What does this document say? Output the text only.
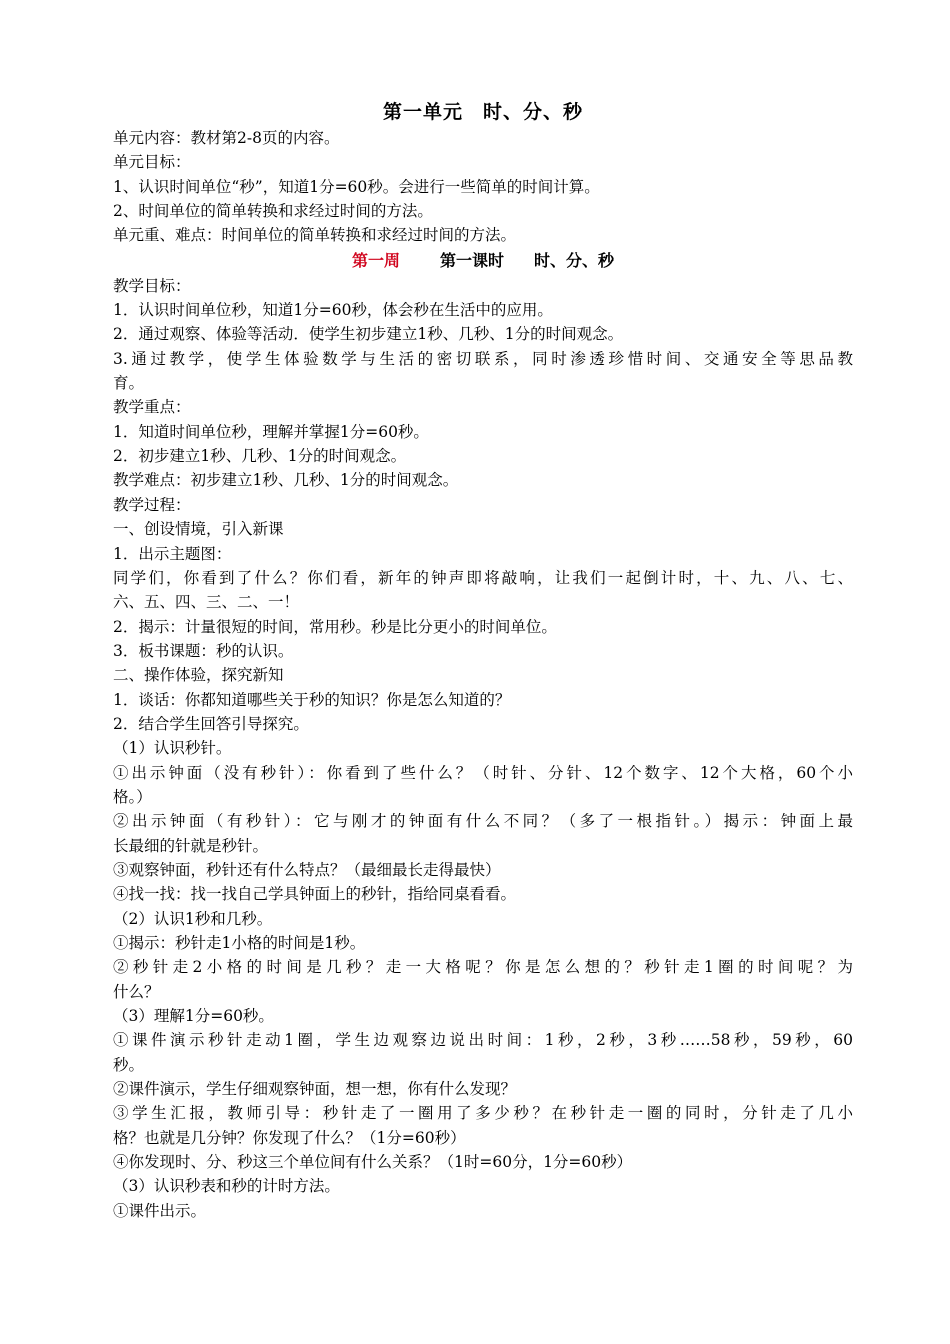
第一单元 时、分、秒
单元内容：教材第2-8页的内容。
单元目标：
1、认识时间单位“秒”，知道1分=60秒。会进行一些简单的时间计算。
2、时间单位的简单转换和求经过时间的方法。
单元重、难点：时间单位的简单转换和求经过时间的方法。
第一周	第一课时 时、分、秒
教学目标：
1．认识时间单位秒，知道1分=60秒，体会秒在生活中的应用。
2．通过观察、体验等活动．使学生初步建立1秒、几秒、1分的时间观念。
3.通过教学，使学生体验数学与生活的密切联系，同时渗透珍惜时间、交通安全等思品教
育。
教学重点：
1．知道时间单位秒，理解并掌握1分=60秒。
2．初步建立1秒、几秒、1分的时间观念。
教学难点：初步建立1秒、几秒、1分的时间观念。
教学过程：
一、创设情境，引入新课
1．出示主题图：
同学们，你看到了什么？你们看，新年的钟声即将敲响，让我们一起倒计时，十、九、八、七、
六、五、四、三、二、一！
2．揭示：计量很短的时间，常用秒。秒是比分更小的时间单位。
3．板书课题：秒的认识。
二、操作体验，探究新知
1．谈话：你都知道哪些关于秒的知识？你是怎么知道的？
2．结合学生回答引导探究。
（1）认识秒针。
①出示钟面（没有秒针）：你看到了些什么？（时针、分针、12个数字、12个大格，60个小
格。）
②出示钟面（有秒针）：它与刚才的钟面有什么不同？（多了一根指针。）揭示：钟面上最
长最细的针就是秒针。
③观察钟面，秒针还有什么特点？（最细最长走得最快）
④找一找：找一找自己学具钟面上的秒针，指给同桌看看。
（2）认识1秒和几秒。
①揭示：秒针走1小格的时间是1秒。
②秒针走2小格的时间是几秒？走一大格呢？你是怎么想的？秒针走1圈的时间呢？为
什么？
（3）理解1分=60秒。
①课件演示秒针走动1圈，学生边观察边说出时间：1秒，2秒，3秒……58秒，59秒，60
秒。
②课件演示，学生仔细观察钟面，想一想，你有什么发现？
③学生汇报，教师引导：秒针走了一圈用了多少秒？在秒针走一圈的同时，分针走了几小
格？也就是几分钟？你发现了什么？（1分=60秒）
④你发现时、分、秒这三个单位间有什么关系？（1时=60分，1分=60秒）
（3）认识秒表和秒的计时方法。
①课件出示。
